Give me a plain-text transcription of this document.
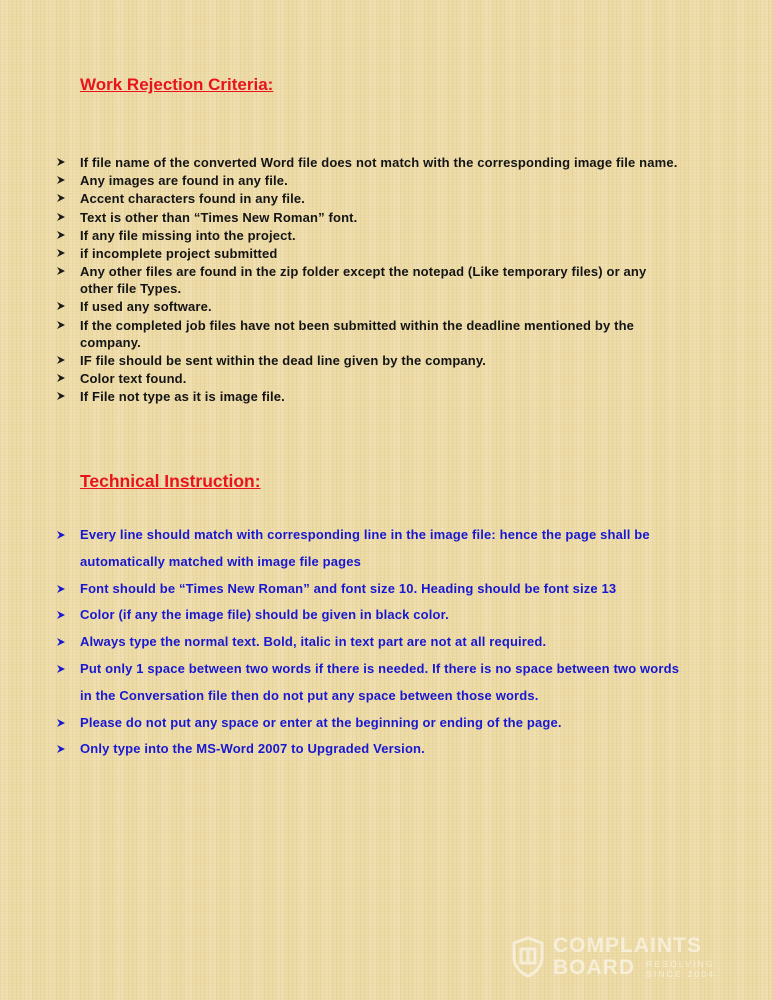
Work Rejection Criteria:
If file name of the converted Word file does not match with the corresponding image file name.
Any images are found in any file.
Accent characters found in any file.
Text is other than “Times New Roman” font.
If any file missing into the project.
if incomplete project submitted
Any other files are found in the zip folder except the notepad (Like temporary files) or any other file Types.
If used any software.
If the completed job files have not been submitted within the deadline mentioned by the company.
IF file should be sent within the dead line given by the company.
Color text found.
If File not type as it is image file.
Technical Instruction:
Every line should match with corresponding line in the image file: hence the page shall be automatically matched with image file pages
Font should be “Times New Roman” and font size 10. Heading should be font size 13
Color (if any the image file) should be given in black color.
Always type the normal text. Bold, italic in text part are not at all required.
Put only 1 space between two words if there is needed. If there is no space between two words in the Conversation file then do not put any space between those words.
Please do not put any space or enter at the beginning or ending of the page.
Only type into the MS-Word 2007 to Upgraded Version.
COMPLAINTS
BOARD RESOLVING
SINCE 2004
